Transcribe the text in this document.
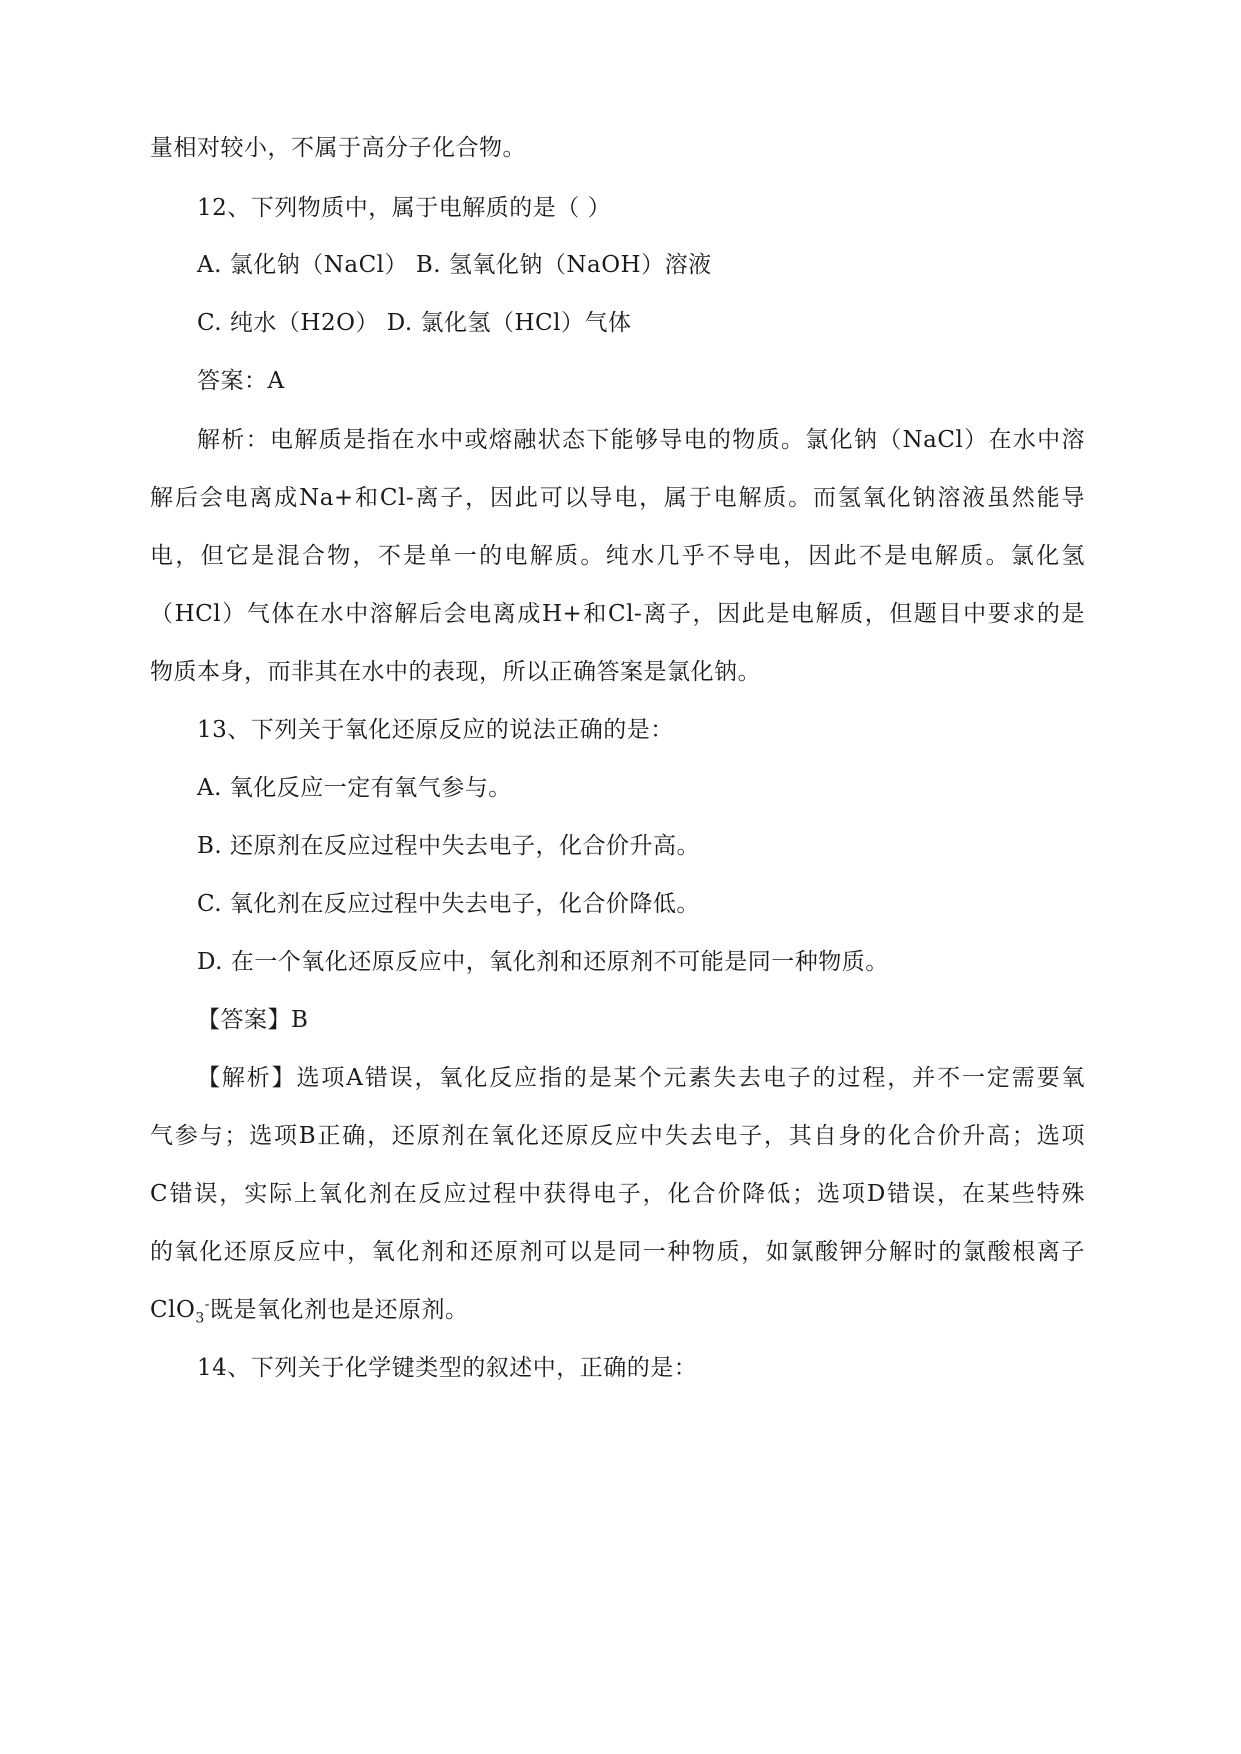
量相对较小，不属于高分子化合物。
12、下列物质中，属于电解质的是（ ）
A. 氯化钠（NaCl） B. 氢氧化钠（NaOH）溶液
C. 纯水（H2O） D. 氯化氢（HCl）气体
答案：A
解析：电解质是指在水中或熔融状态下能够导电的物质。氯化钠（NaCl）在水中溶
解后会电离成Na+和Cl-离子，因此可以导电，属于电解质。而氢氧化钠溶液虽然能导
电，但它是混合物，不是单一的电解质。纯水几乎不导电，因此不是电解质。氯化氢
（HCl）气体在水中溶解后会电离成H+和Cl-离子，因此是电解质，但题目中要求的是
物质本身，而非其在水中的表现，所以正确答案是氯化钠。
13、下列关于氧化还原反应的说法正确的是：
A. 氧化反应一定有氧气参与。
B. 还原剂在反应过程中失去电子，化合价升高。
C. 氧化剂在反应过程中失去电子，化合价降低。
D. 在一个氧化还原反应中，氧化剂和还原剂不可能是同一种物质。
【答案】B
【解析】选项A错误，氧化反应指的是某个元素失去电子的过程，并不一定需要氧
气参与；选项B正确，还原剂在氧化还原反应中失去电子，其自身的化合价升高；选项
C错误，实际上氧化剂在反应过程中获得电子，化合价降低；选项D错误，在某些特殊
的氧化还原反应中，氧化剂和还原剂可以是同一种物质，如氯酸钾分解时的氯酸根离子
ClO$_3$-既是氧化剂也是还原剂。
14、下列关于化学键类型的叙述中，正确的是：
